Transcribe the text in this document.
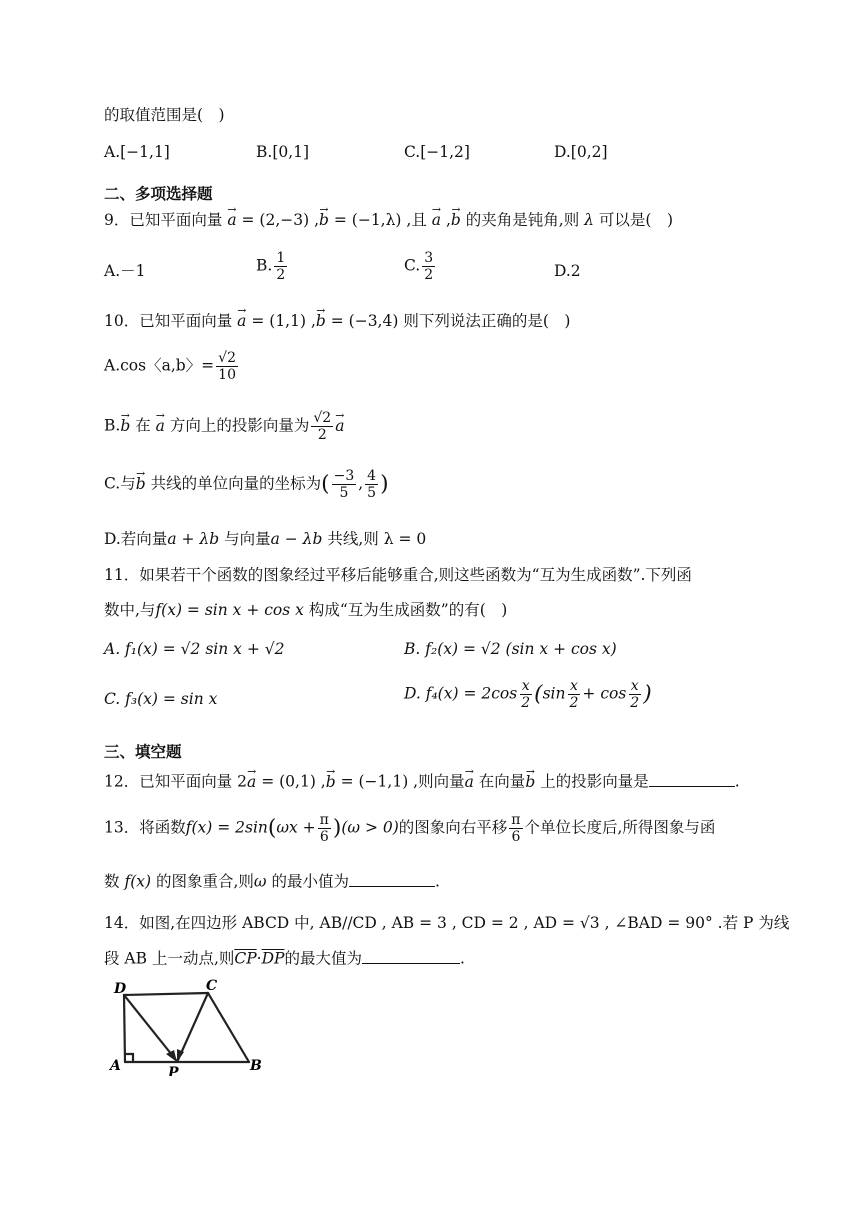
的取值范围是(　)
A.[−1,1]	B.[0,1]	C.[−1,2]	D.[0,2]
二、多项选择题
9．已知平面向量 → a = (2,−3) ,→ b = (−1,λ) ,且 → a ,→ b 的夹角是钝角,则 λ 可以是(　)
A.－1	B. $\frac{1}{2}$	C. $\frac{3}{2}$	D.2
10．已知平面向量 → a = (1,1) ,→ b = (−3,4) 则下列说法正确的是(　)
A.cos〈a,b〉= $\frac{√2}{10}$
B.→ b 在 → a 方向上的投影向量为 $\frac{√2}{2} \to a$
C.与→ b 共线的单位向量的坐标为( $\frac{-3}{5}$ , $\frac{4}{5}$ )
D.若向量a + λb 与向量a − λb 共线,则 λ = 0
11．如果若干个函数的图象经过平移后能够重合,则这些函数为“互为生成函数”.下列函
数中,与f(x) = sin x + cos x 构成“互为生成函数”的有(　)
A. f₁(x) = √2 sin x + √2	B. f₂(x) = √2 (sin x + cos x)
C. f₃(x) = sin x	D. $f_4(x) = 2\cos \frac{x}{2} (\sin \frac{x}{2} + \cos \frac{x}{2}$ )
三、填空题
12．已知平面向量 2→ a = (0,1) ,→ b = (−1,1) ,则向量→ a 在向量→ b 上的投影向量是	.
13．将函数$f(x) = 2\sin(\omega x + \frac{\pi}{6} )(\omega > 0)$的图象向右平移 $\frac{\pi}{6}$ 个单位长度后,所得图象与函
数 f(x) 的图象重合,则ω 的最小值为	.
14．如图,在四边形 ABCD 中, AB//CD , AB = 3 , CD = 2 , AD = √3 , ∠BAD = 90° .若 P 为线
段 AB 上一动点,则$\overline{CP}\cdot\overline{DP}$的最大值为	.
D	C
A	P	B
